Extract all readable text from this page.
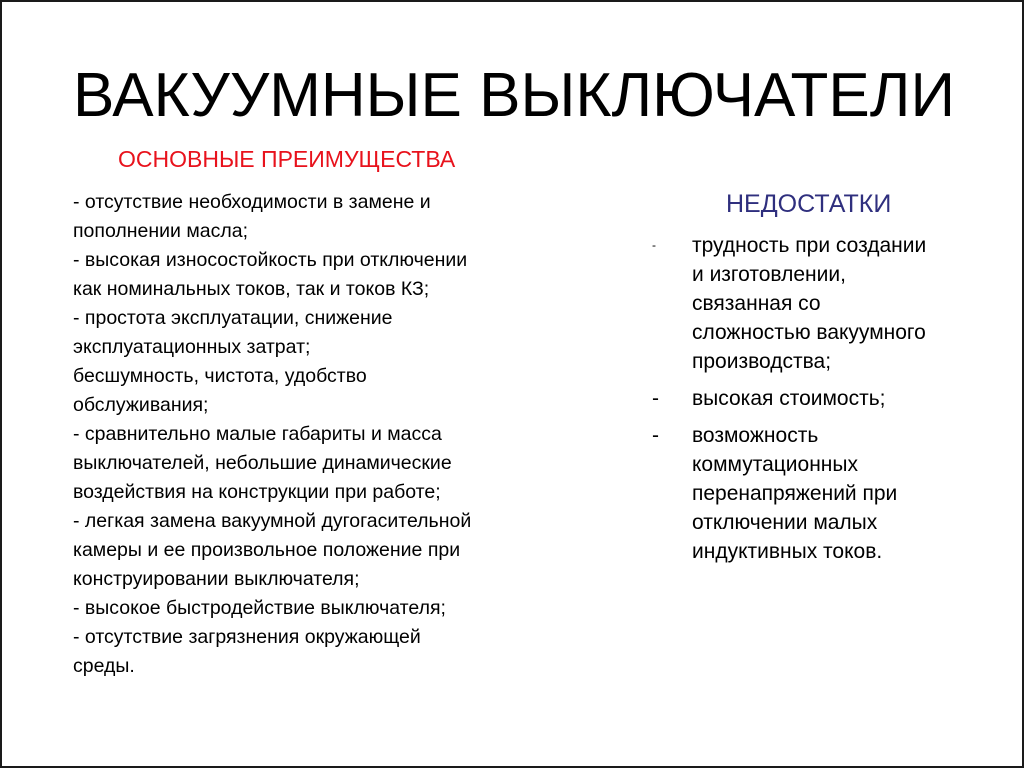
ВАКУУМНЫЕ ВЫКЛЮЧАТЕЛИ
ОСНОВНЫЕ ПРЕИМУЩЕСТВА
- отсутствие необходимости в замене и
пополнении масла;
- высокая износостойкость при отключении
как номинальных токов, так и токов КЗ;
- простота эксплуатации, снижение
эксплуатационных затрат;
бесшумность, чистота, удобство
обслуживания;
- сравнительно малые габариты и масса
выключателей, небольшие динамические
воздействия на конструкции при работе;
- легкая замена вакуумной дугогасительной
камеры и ее произвольное положение при
конструировании выключателя;
- высокое быстродействие выключателя;
- отсутствие загрязнения окружающей
среды.
НЕДОСТАТКИ
-	трудность при создании
и изготовлении,
связанная со
сложностью вакуумного
производства;
-	высокая стоимость;
-	возможность
коммутационных
перенапряжений при
отключении малых
индуктивных токов.
